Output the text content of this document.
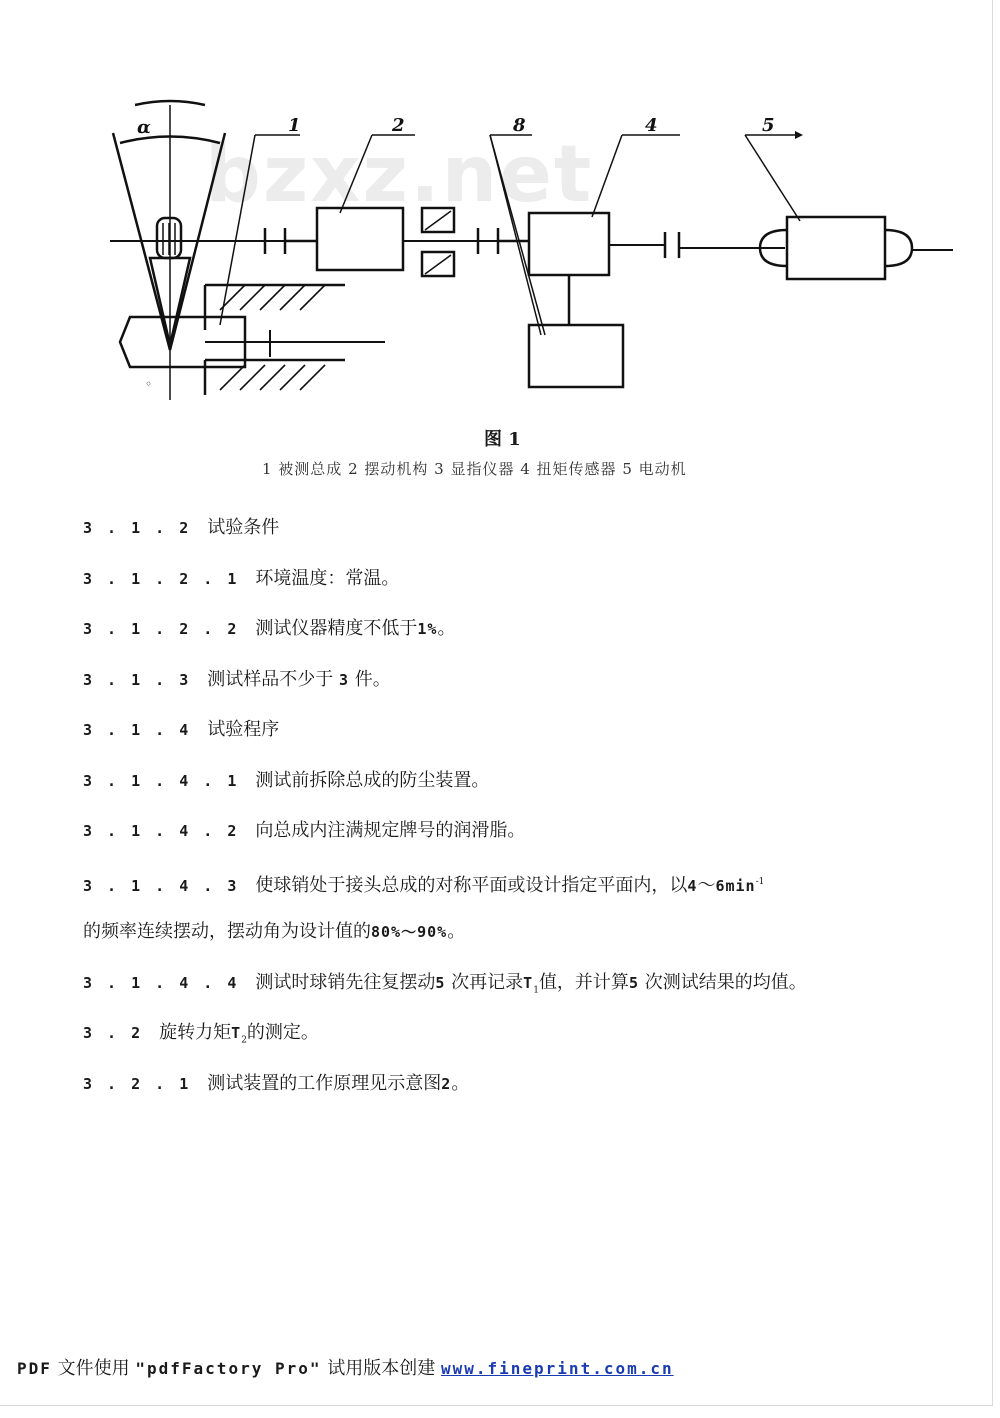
bzxz.net
α	1	2	8	4	5
◦
图 1
1 被测总成 2 摆动机构 3 显指仪器 4 扭矩传感器 5 电动机
3 . 1 . 2 试验条件
3 . 1 . 2 . 1 环境温度：常温。
3 . 1 . 2 . 2 测试仪器精度不低于1%。
3 . 1 . 3 测试样品不少于 3 件。
3 . 1 . 4 试验程序
3 . 1 . 4 . 1 测试前拆除总成的防尘装置。
3 . 1 . 4 . 2 向总成内注满规定牌号的润滑脂。
3 . 1 . 4 . 3 使球销处于接头总成的对称平面或设计指定平面内，以$4\sim 6\min^{-1}$
的频率连续摆动，摆动角为设计值的80%～90%。
3 . 1 . 4 . 4 测试时球销先往复摆动5 次再记录$T_1$值，并计算5 次测试结果的均值。
3 . 2 旋转力矩$T_2$的测定。
3 . 2 . 1 测试装置的工作原理见示意图2。
PDF 文件使用 "pdfFactory Pro" 试用版本创建 www.fineprint.com.cn
